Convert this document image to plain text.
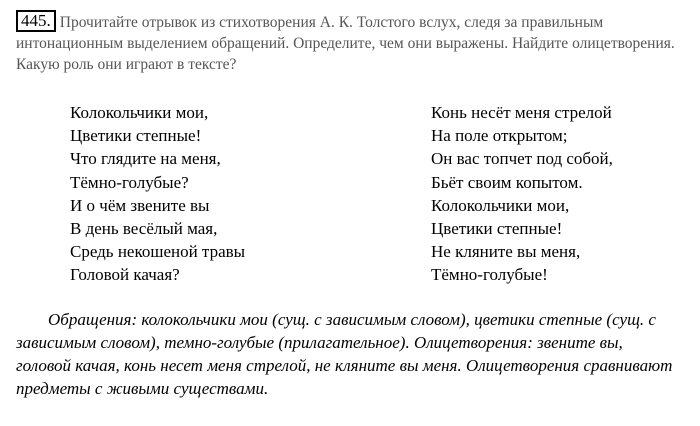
445. Прочитайте отрывок из стихотворения А. К. Толстого вслух, следя за правильным интонационным выделением обращений. Определите, чем они выражены. Найдите олицетворения. Какую роль они играют в тексте?
Колокольчики мои,
Цветики степные!
Что глядите на меня,
Тёмно-голубые?
И о чём звените вы
В день весёлый мая,
Средь некошеной травы
Головой качая?
Конь несёт меня стрелой
На поле открытом;
Он вас топчет под собой,
Бьёт своим копытом.
Колокольчики мои,
Цветики степные!
Не кляните вы меня,
Тёмно-голубые!
Обращения: колокольчики мои (сущ. с зависимым словом), цветики степные (сущ. с зависимым словом), темно-голубые (прилагательное). Олицетворения: звените вы, головой качая, конь несет меня стрелой, не кляните вы меня. Олицетворения сравнивают предметы с живыми существами.
